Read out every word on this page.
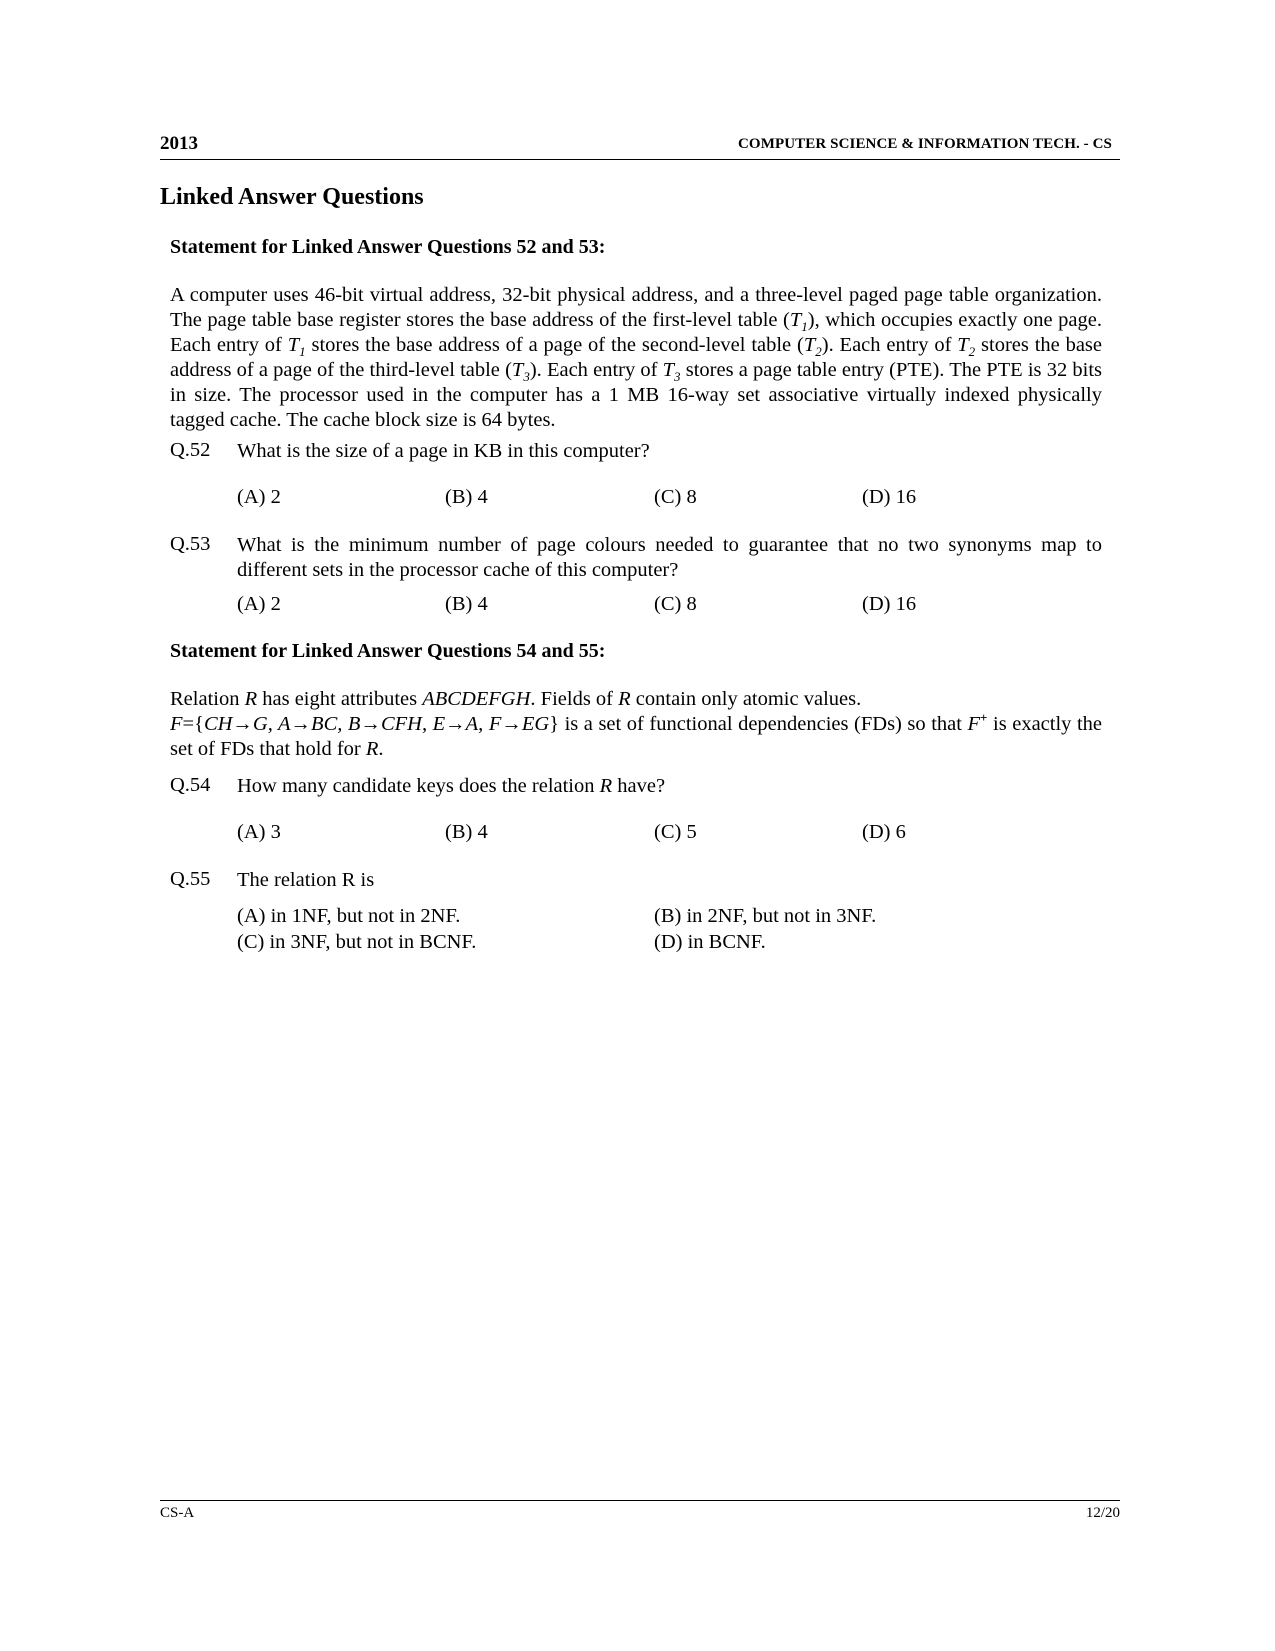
2013	COMPUTER SCIENCE & INFORMATION TECH. - CS
Linked Answer Questions
Statement for Linked Answer Questions 52 and 53:

A computer uses 46-bit virtual address, 32-bit physical address, and a three-level paged page table organization. The page table base register stores the base address of the first-level table $(T_1)$, which occupies exactly one page. Each entry of $T_1$ stores the base address of a page of the second-level table $(T_2)$. Each entry of $T_2$ stores the base address of a page of the third-level table $(T_3)$. Each entry of $T_3$ stores a page table entry (PTE). The PTE is 32 bits in size. The processor used in the computer has a 1 MB 16-way set associative virtually indexed physically tagged cache. The cache block size is 64 bytes.

Q.52 What is the size of a page in KB in this computer?
(A) 2	(B) 4	(C) 8	(D) 16
Q.53 What is the minimum number of page colours needed to guarantee that no two synonyms map to different sets in the processor cache of this computer?
(A) 2	(B) 4	(C) 8	(D) 16
Statement for Linked Answer Questions 54 and 55:

Relation R has eight attributes ABCDEFGH. Fields of R contain only atomic values.
F={CH→G, A→BC, B→CFH, E→A, F→EG} is a set of functional dependencies (FDs) so that F+ is exactly the set of FDs that hold for R.

Q.54 How many candidate keys does the relation R have?
(A) 3	(B) 4	(C) 5	(D) 6
Q.55 The relation R is
(A) in 1NF, but not in 2NF.	(B) in 2NF, but not in 3NF.
(C) in 3NF, but not in BCNF.	(D) in BCNF.
CS-A	12/20
